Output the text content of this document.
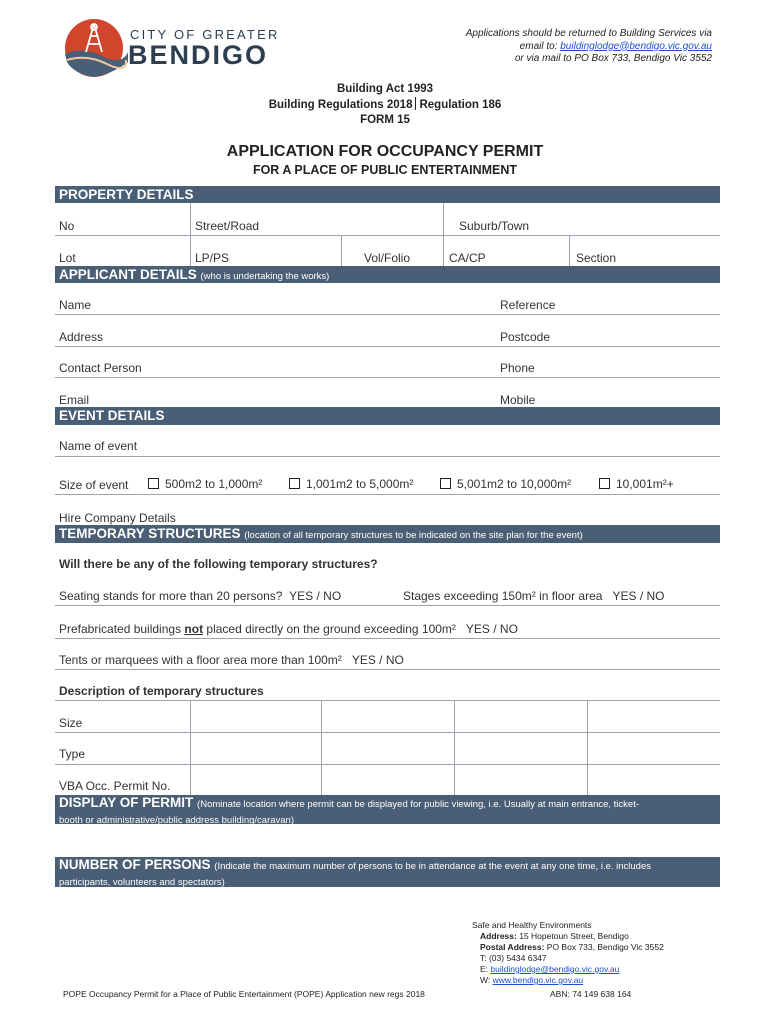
CITY OF GREATER
BENDIGO
Applications should be returned to Building Services via
email to: buildinglodge@bendigo.vic.gov.au
or via mail to PO Box 733, Bendigo Vic 3552
Building Act 1993
Building Regulations 2018 Regulation 186
FORM 15
APPLICATION FOR OCCUPANCY PERMIT
FOR A PLACE OF PUBLIC ENTERTAINMENT
PROPERTY DETAILS
No	Street/Road	Suburb/Town
Lot	LP/PS	Vol/Folio	CA/CP	Section
APPLICANT DETAILS (who is undertaking the works)
Name	Reference
Address	Postcode
Contact Person	Phone
Email	Mobile
EVENT DETAILS
Name of event
Size of event	500m2 to 1,000m²	1,001m2 to 5,000m²	5,001m2 to 10,000m²	10,001m²+
Hire Company Details
TEMPORARY STRUCTURES (location of all temporary structures to be indicated on the site plan for the event)
Will there be any of the following temporary structures?
Seating stands for more than 20 persons? YES / NO	Stages exceeding 150m² in floor area YES / NO
Prefabricated buildings not placed directly on the ground exceeding 100m² YES / NO
Tents or marquees with a floor area more than 100m² YES / NO
Description of temporary structures
Size
Type
VBA Occ. Permit No.
DISPLAY OF PERMIT (Nominate location where permit can be displayed for public viewing, i.e. Usually at main entrance, ticket-
booth or administrative/public address building/caravan)
NUMBER OF PERSONS (Indicate the maximum number of persons to be in attendance at the event at any one time, i.e. includes
participants, volunteers and spectators)
Safe and Healthy Environments
Address: 15 Hopetoun Street, Bendigo
Postal Address: PO Box 733, Bendigo Vic 3552
T: (03) 5434 6347
E: buildinglodge@bendigo.vic.gov.au
W: www.bendigo.vic.gov.au
POPE Occupancy Permit for a Place of Public Entertainment (POPE) Application new regs 2018	ABN: 74 149 638 164
